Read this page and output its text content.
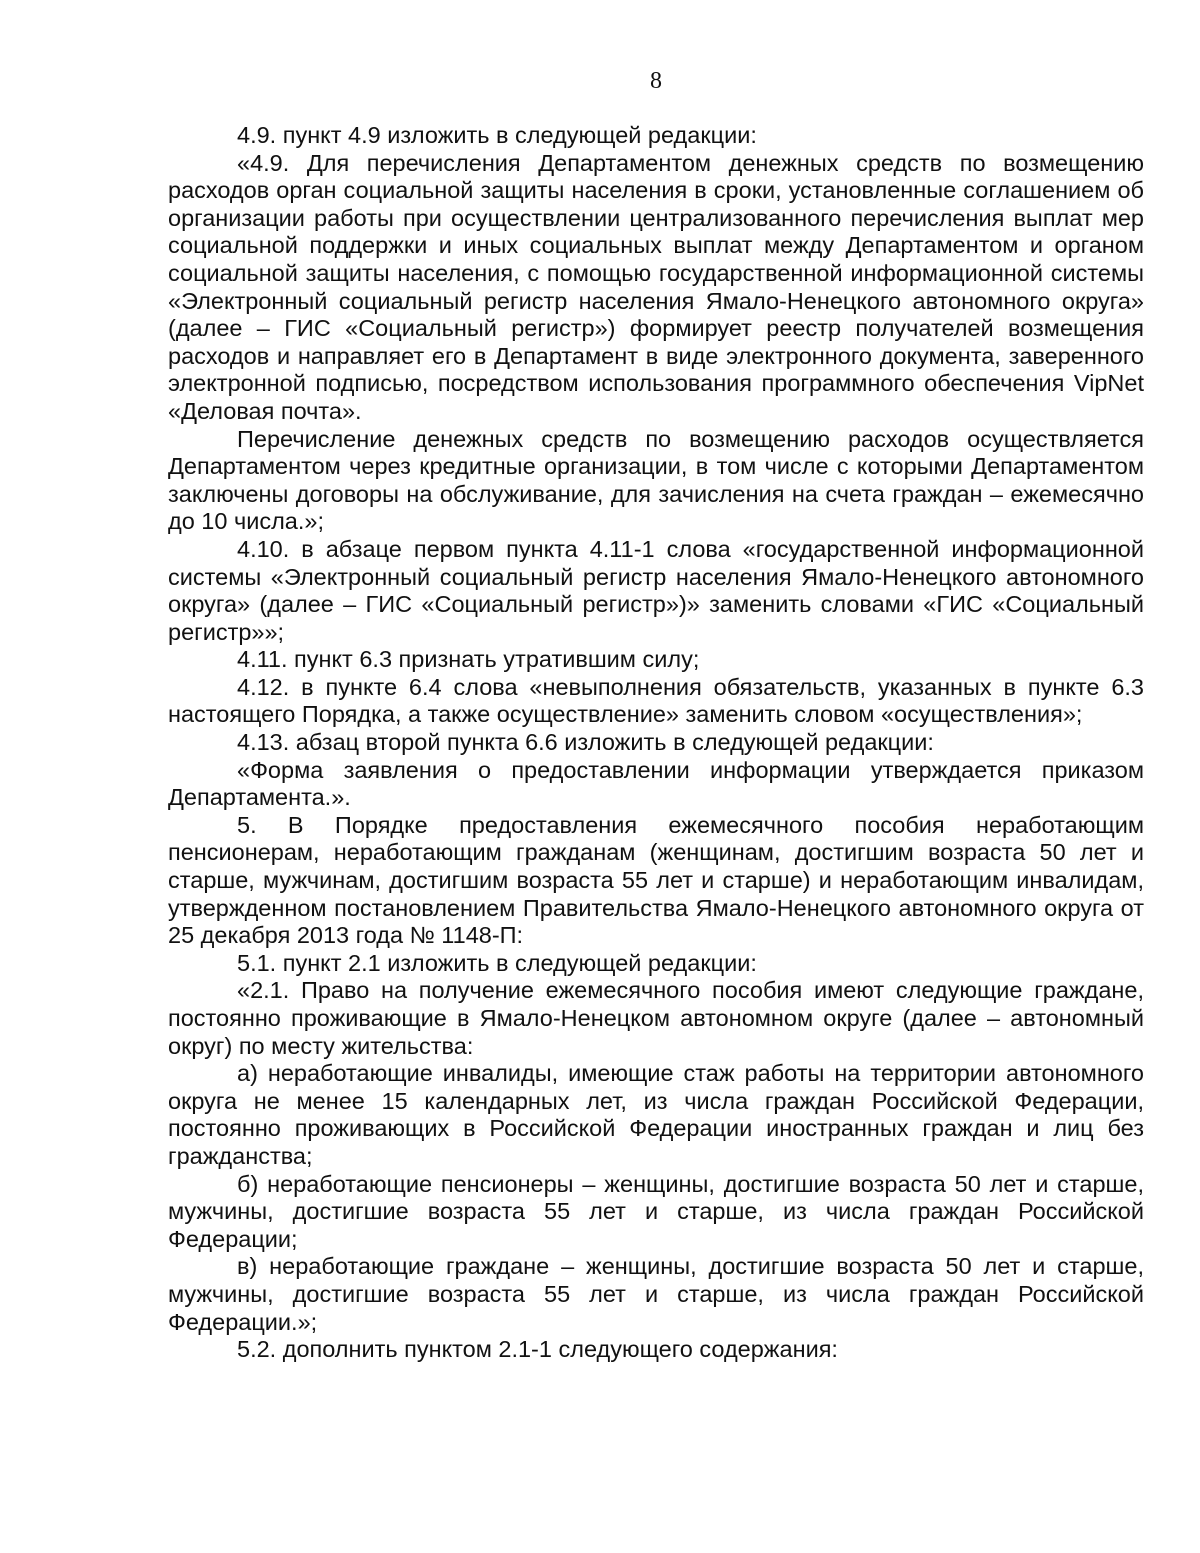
8

4.9. пункт 4.9 изложить в следующей редакции:

«4.9. Для перечисления Департаментом денежных средств по возмещению расходов орган социальной защиты населения в сроки, установленные соглашением об организации работы при осуществлении централизованного перечисления выплат мер социальной поддержки и иных социальных выплат между Департаментом и органом социальной защиты населения, с помощью государственной информационной системы «Электронный социальный регистр населения Ямало-Ненецкого автономного округа» (далее – ГИС «Социальный регистр») формирует реестр получателей возмещения расходов и направляет его в Департамент в виде электронного документа, заверенного электронной подписью, посредством использования программного обеспечения VipNet «Деловая почта».

Перечисление денежных средств по возмещению расходов осуществляется Департаментом через кредитные организации, в том числе с которыми Департаментом заключены договоры на обслуживание, для зачисления на счета граждан – ежемесячно до 10 числа.»;

4.10. в абзаце первом пункта 4.11-1 слова «государственной информационной системы «Электронный социальный регистр населения Ямало-Ненецкого автономного округа» (далее – ГИС «Социальный регистр»)» заменить словами «ГИС «Социальный регистр»»;

4.11. пункт 6.3 признать утратившим силу;

4.12. в пункте 6.4 слова «невыполнения обязательств, указанных в пункте 6.3 настоящего Порядка, а также осуществление» заменить словом «осуществления»;

4.13. абзац второй пункта 6.6 изложить в следующей редакции:

«Форма заявления о предоставлении информации утверждается приказом Департамента.».

5. В Порядке предоставления ежемесячного пособия неработающим пенсионерам, неработающим гражданам (женщинам, достигшим возраста 50 лет и старше, мужчинам, достигшим возраста 55 лет и старше) и неработающим инвалидам, утвержденном постановлением Правительства Ямало-Ненецкого автономного округа от 25 декабря 2013 года № 1148-П:

5.1. пункт 2.1 изложить в следующей редакции:

«2.1. Право на получение ежемесячного пособия имеют следующие граждане, постоянно проживающие в Ямало-Ненецком автономном округе (далее – автономный округ) по месту жительства:

а) неработающие инвалиды, имеющие стаж работы на территории автономного округа не менее 15 календарных лет, из числа граждан Российской Федерации, постоянно проживающих в Российской Федерации иностранных граждан и лиц без гражданства;

б) неработающие пенсионеры – женщины, достигшие возраста 50 лет и старше, мужчины, достигшие возраста 55 лет и старше, из числа граждан Российской Федерации;

в) неработающие граждане – женщины, достигшие возраста 50 лет и старше, мужчины, достигшие возраста 55 лет и старше, из числа граждан Российской Федерации.»;

5.2. дополнить пунктом 2.1-1 следующего содержания:
